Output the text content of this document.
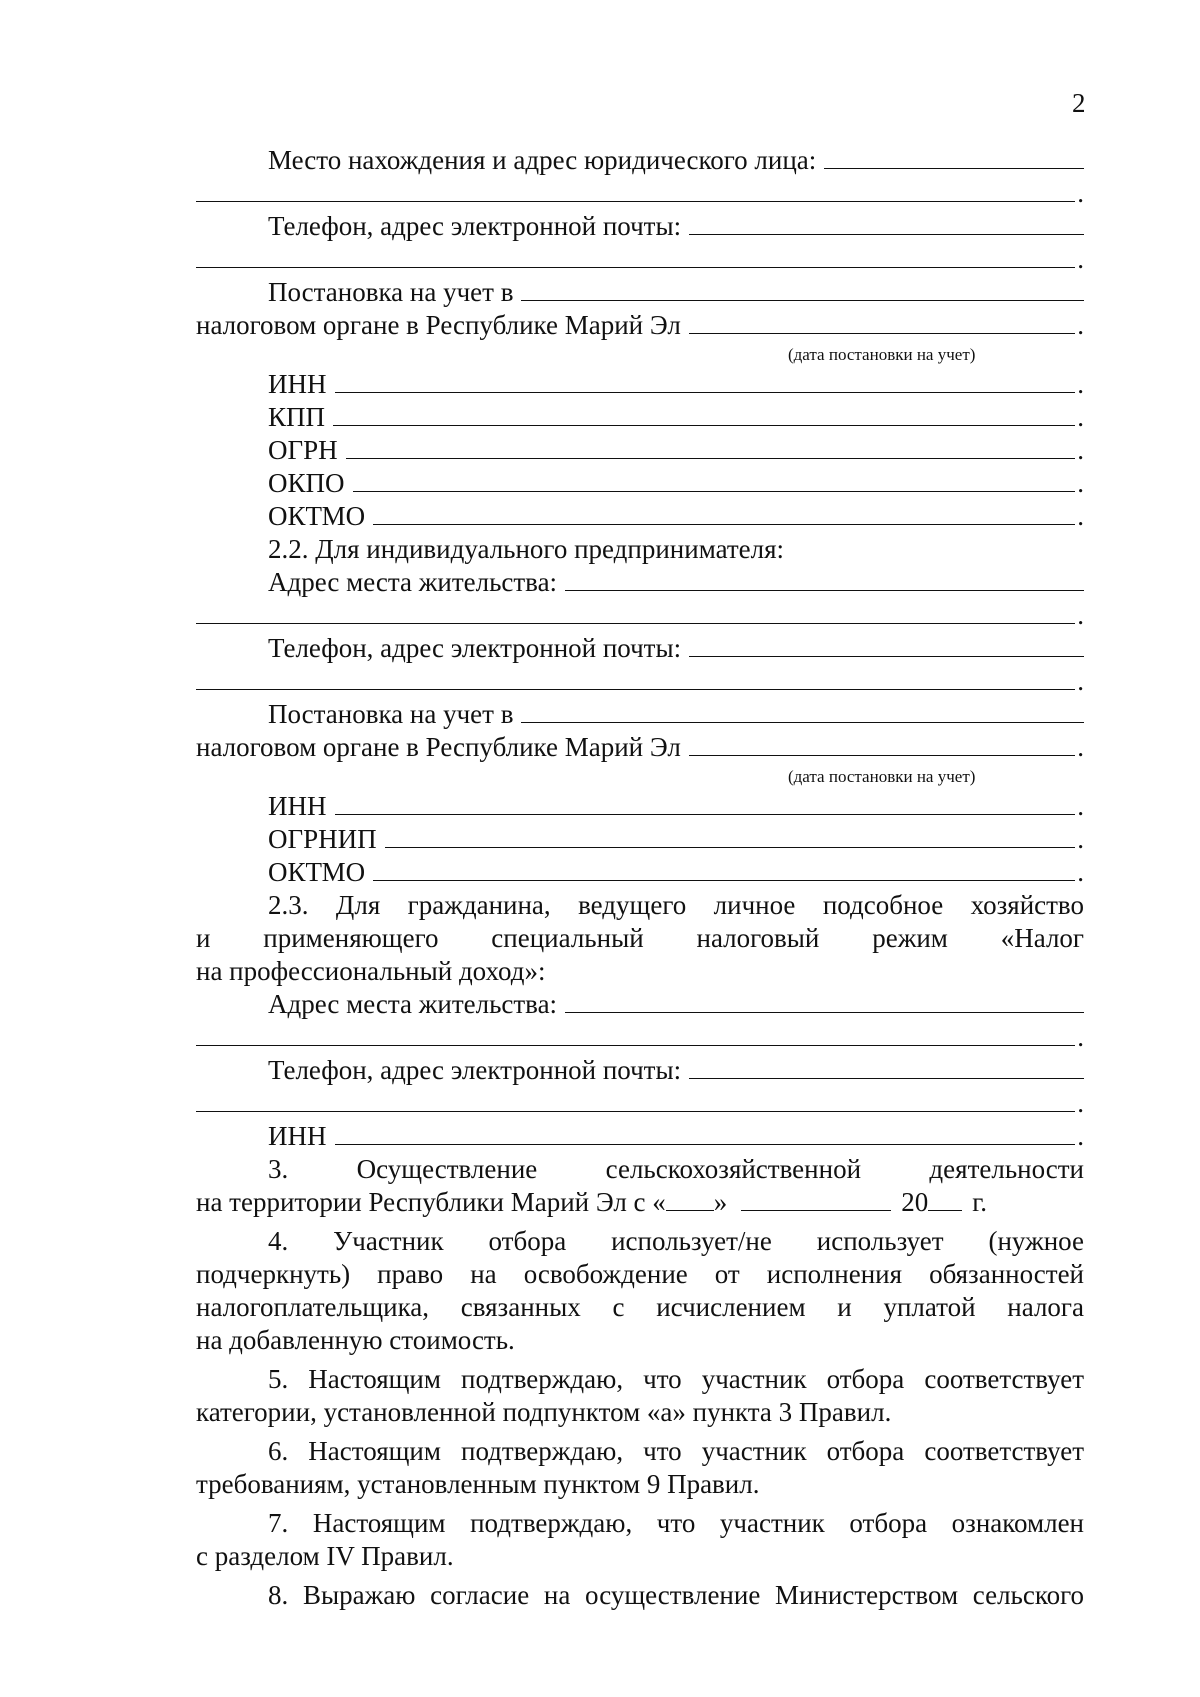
2
Место нахождения и адрес юридического лица:
.
Телефон, адрес электронной почты:
.
Постановка на учет в
налоговом органе в Республике Марий Эл	.
(дата постановки на учет)
ИНН	.
КПП	.
ОГРН	.
ОКПО	.
ОКТМО	.
2.2. Для индивидуального предпринимателя:
Адрес места жительства:
.
Телефон, адрес электронной почты:
.
Постановка на учет в
налоговом органе в Республике Марий Эл	.
(дата постановки на учет)
ИНН	.
ОГРНИП	.
ОКТМО	.
2.3. Для гражданина, ведущего личное подсобное хозяйство
и применяющего специальный налоговый режим «Налог
на профессиональный доход»:
Адрес места жительства:
.
Телефон, адрес электронной почты:
.
ИНН	.
3. Осуществление сельскохозяйственной деятельности
на территории Республики Марий Эл с « »	20 г.
4. Участник отбора использует/не использует (нужное
подчеркнуть) право на освобождение от исполнения обязанностей
налогоплательщика, связанных с исчислением и уплатой налога
на добавленную стоимость.
5. Настоящим подтверждаю, что участник отбора соответствует
категории, установленной подпунктом «а» пункта 3 Правил.
6. Настоящим подтверждаю, что участник отбора соответствует
требованиям, установленным пунктом 9 Правил.
7. Настоящим подтверждаю, что участник отбора ознакомлен
с разделом IV Правил.
8. Выражаю согласие на осуществление Министерством сельского
